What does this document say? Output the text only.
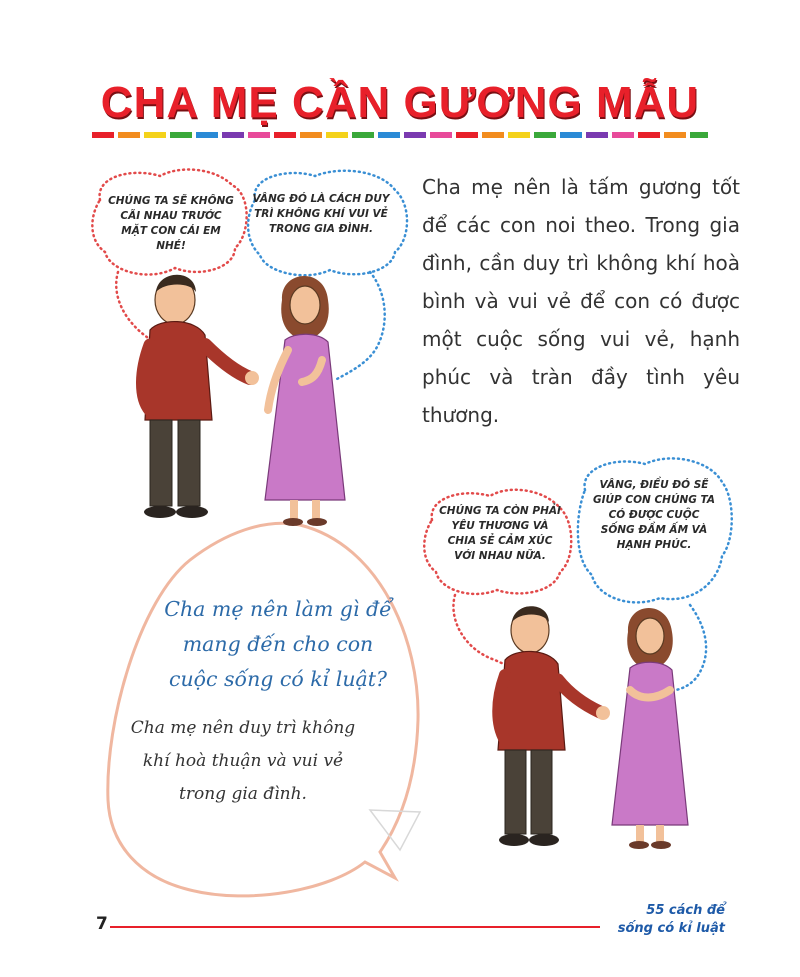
CHA MẸ CẦN GƯƠNG MẪU
CHÚNG TA SẼ KHÔNG CÃI NHAU TRƯỚC MẶT CON CÁI EM NHÉ!
VÂNG ĐÓ LÀ CÁCH DUY TRÌ KHÔNG KHÍ VUI VẺ TRONG GIA ĐÌNH.
CHÚNG TA CÒN PHẢI YÊU THƯƠNG VÀ CHIA SẺ CẢM XÚC VỚI NHAU NỮA.
VÂNG, ĐIỀU ĐÓ SẼ GIÚP CON CHÚNG TA CÓ ĐƯỢC CUỘC SỐNG ĐẦM ẤM VÀ HẠNH PHÚC.
Cha mẹ nên là tấm gương tốt để các con noi theo. Trong gia đình, cần duy trì không khí hoà bình và vui vẻ để con có được một cuộc sống vui vẻ, hạnh phúc và tràn đầy tình yêu thương.
Cha mẹ nên làm gì để mang đến cho con cuộc sống có kỉ luật?
Cha mẹ nên duy trì không khí hoà thuận và vui vẻ trong gia đình.
7
55 cách để
sống có kỉ luật
